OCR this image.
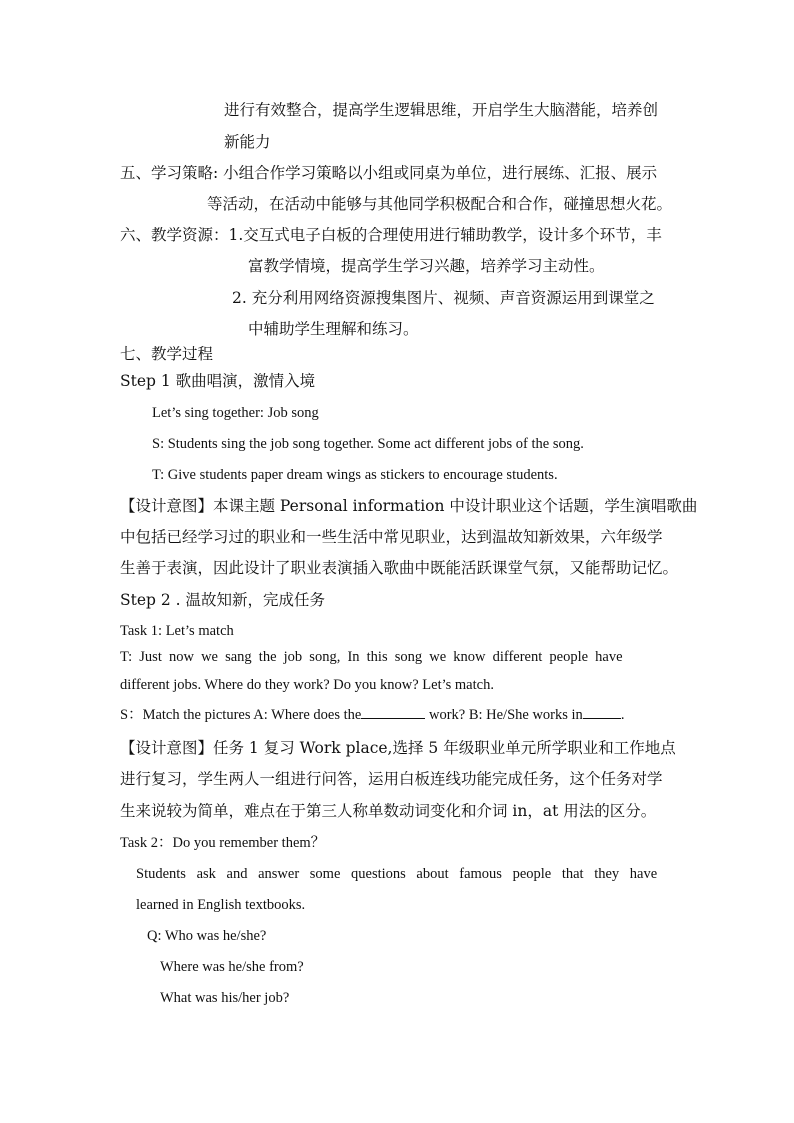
进行有效整合，提高学生逻辑思维，开启学生大脑潜能，培养创
新能力
五、学习策略: 小组合作学习策略以小组或同桌为单位，进行展练、汇报、展示
等活动，在活动中能够与其他同学积极配合和合作，碰撞思想火花。
六、教学资源：1.交互式电子白板的合理使用进行辅助教学，设计多个环节，丰
富教学情境，提高学生学习兴趣，培养学习主动性。
2. 充分利用网络资源搜集图片、视频、声音资源运用到课堂之
中辅助学生理解和练习。
七、教学过程
Step 1 歌曲唱演，激情入境
Let’s sing together: Job song
S: Students sing the job song together. Some act different jobs of the song.
T: Give students paper dream wings as stickers to encourage students.
【设计意图】本课主题 Personal information 中设计职业这个话题，学生演唱歌曲
中包括已经学习过的职业和一些生活中常见职业，达到温故知新效果，六年级学
生善于表演，因此设计了职业表演插入歌曲中既能活跃课堂气氛，又能帮助记忆。
Step 2 . 温故知新，完成任务
Task 1: Let’s match
T: Just now we sang the job song, In this song we know different people have
different jobs. Where do they work? Do you know? Let’s match.
S：Match the pictures A: Where does the	work? B: He/She works in	.
【设计意图】任务 1 复习 Work place,选择 5 年级职业单元所学职业和工作地点
进行复习，学生两人一组进行问答，运用白板连线功能完成任务，这个任务对学
生来说较为简单，难点在于第三人称单数动词变化和介词 in，at 用法的区分。
Task 2：Do you remember them？
Students ask and answer some questions about famous people that they have
learned in English textbooks.
Q: Who was he/she?
Where was he/she from?
What was his/her job?
